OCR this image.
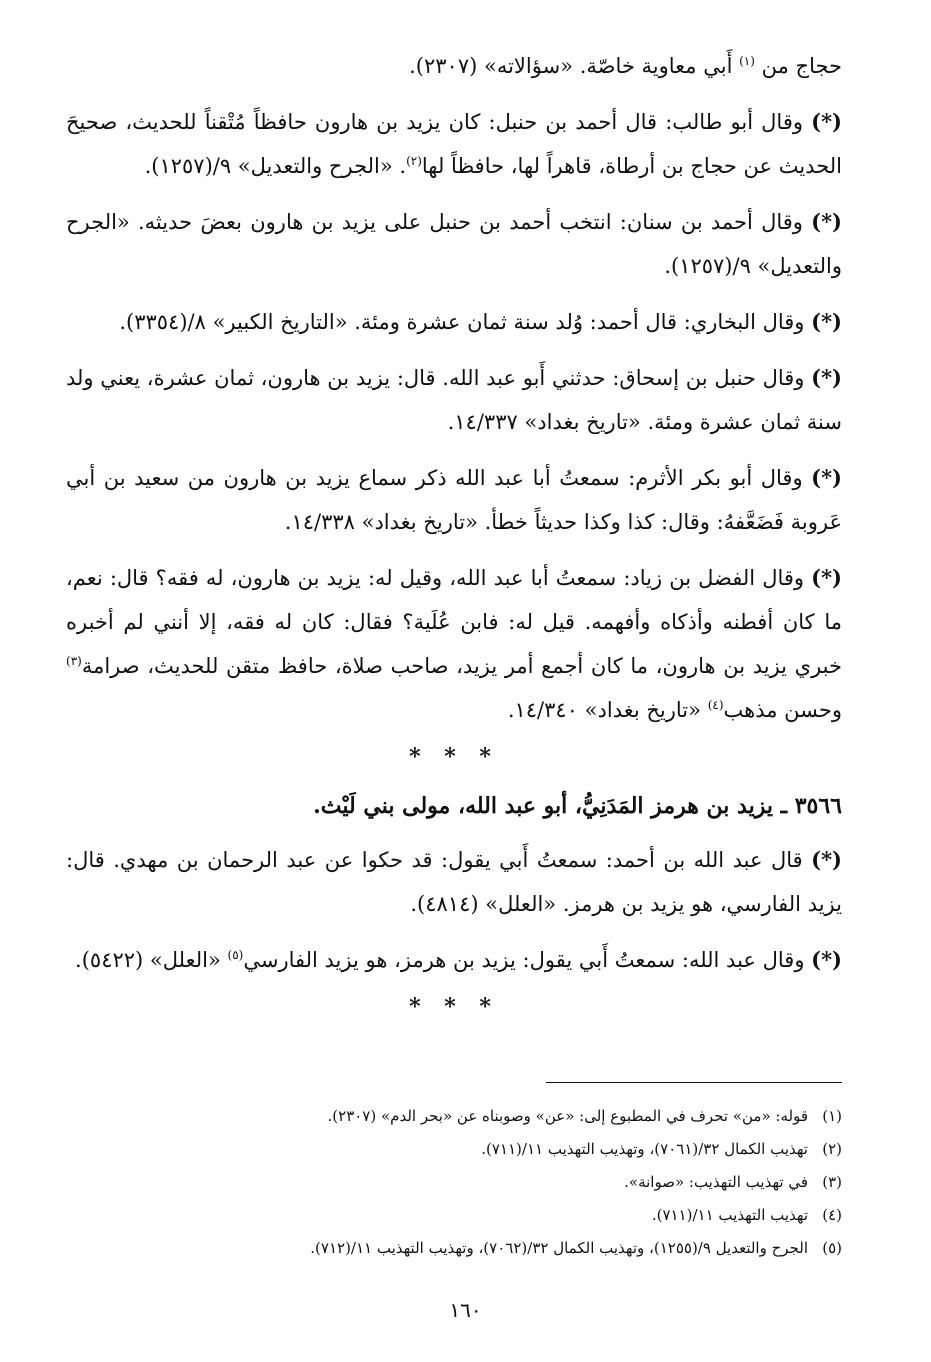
حجاج من $^{(١)}$ أَبي معاوية خاصّة. «سؤالاته» (٢٣٠٧).

(*) وقال أبو طالب: قال أحمد بن حنبل: كان يزيد بن هارون حافظاً مُتْقناً للحديث، صحيحَ الحديث عن حجاج بن أرطاة، قاهراً لها، حافظاً لها$^{(٢)}$. «الجرح والتعديل» ٩/(١٢٥٧).

(*) وقال أحمد بن سنان: انتخب أحمد بن حنبل على يزيد بن هارون بعضَ حديثه. «الجرح والتعديل» ٩/(١٢٥٧).

(*) وقال البخاري: قال أحمد: وُلد سنة ثمان عشرة ومئة. «التاريخ الكبير» ٨/(٣٣٥٤).

(*) وقال حنبل بن إسحاق: حدثني أَبو عبد الله. قال: يزيد بن هارون، ثمان عشرة، يعني ولد سنة ثمان عشرة ومئة. «تاريخ بغداد» ١٤/٣٣٧.

(*) وقال أبو بكر الأثرم: سمعتُ أبا عبد الله ذكر سماع يزيد بن هارون من سعيد بن أبي عَروبة فَضَعَّفهُ: وقال: كذا وكذا حديثاً خطأ. «تاريخ بغداد» ١٤/٣٣٨.

(*) وقال الفضل بن زياد: سمعتُ أبا عبد الله، وقيل له: يزيد بن هارون، له فقه؟ قال: نعم، ما كان أفطنه وأذكاه وأفهمه. قيل له: فابن عُلَية؟ فقال: كان له فقه، إلا أنني لم أخبره خبري يزيد بن هارون، ما كان أجمع أمر يزيد، صاحب صلاة، حافظ متقن للحديث، صرامة$^{(٣)}$ وحسن مذهب$^{(٤)}$ «تاريخ بغداد» ١٤/٣٤٠.

* * *
٣٥٦٦ ـ يزيد بن هرمز المَدَنِيُّ، أبو عبد الله، مولى بني لَيْث.

(*) قال عبد الله بن أحمد: سمعتُ أَبي يقول: قد حكوا عن عبد الرحمان بن مهدي. قال: يزيد الفارسي، هو يزيد بن هرمز. «العلل» (٤٨١٤).

(*) وقال عبد الله: سمعتُ أَبي يقول: يزيد بن هرمز، هو يزيد الفارسي$^{(٥)}$ «العلل» (٥٤٢٢).

* * *
(١)قوله: «من» تحرف في المطبوع إلى: «عن» وصوبناه عن «بحر الدم» (٢٣٠٧).
(٢)تهذيب الكمال ٣٢/(٧٠٦١)، وتهذيب التهذيب ١١/(٧١١).
(٣)في تهذيب التهذيب: «صوانة».
(٤)تهذيب التهذيب ١١/(٧١١).
(٥)الجرح والتعديل ٩/(١٢٥٥)، وتهذيب الكمال ٣٢/(٧٠٦٢)، وتهذيب التهذيب ١١/(٧١٢).
١٦٠
